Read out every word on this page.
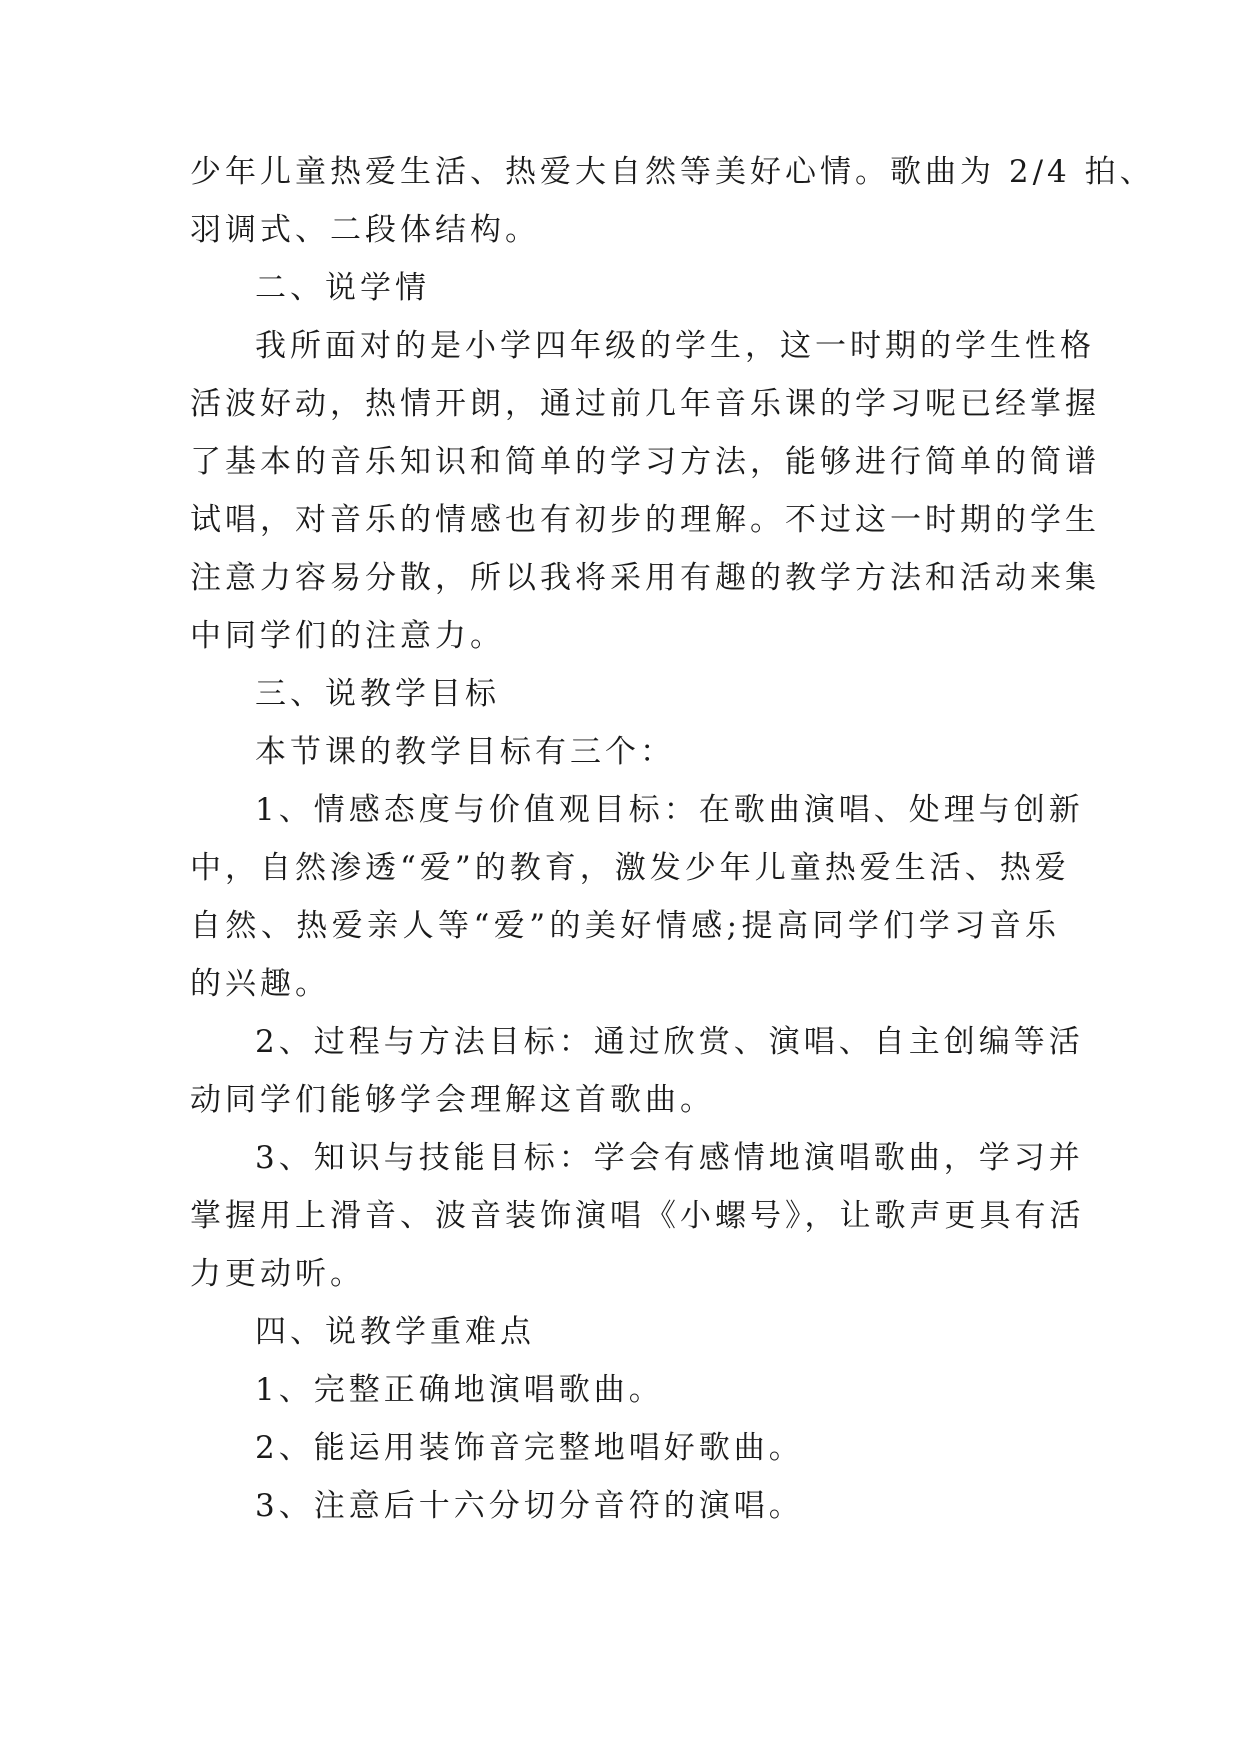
少年儿童热爱生活、热爱大自然等美好心情。歌曲为 2/4 拍、
羽调式、二段体结构。
二、说学情
我所面对的是小学四年级的学生，这一时期的学生性格
活波好动，热情开朗，通过前几年音乐课的学习呢已经掌握
了基本的音乐知识和简单的学习方法，能够进行简单的简谱
试唱，对音乐的情感也有初步的理解。不过这一时期的学生
注意力容易分散，所以我将采用有趣的教学方法和活动来集
中同学们的注意力。
三、说教学目标
本节课的教学目标有三个：
1、情感态度与价值观目标：在歌曲演唱、处理与创新
中，自然渗透“爱”的教育，激发少年儿童热爱生活、热爱
自然、热爱亲人等“爱”的美好情感;提高同学们学习音乐
的兴趣。
2、过程与方法目标：通过欣赏、演唱、自主创编等活
动同学们能够学会理解这首歌曲。
3、知识与技能目标：学会有感情地演唱歌曲，学习并
掌握用上滑音、波音装饰演唱《小螺号》，让歌声更具有活
力更动听。
四、说教学重难点
1、完整正确地演唱歌曲。
2、能运用装饰音完整地唱好歌曲。
3、注意后十六分切分音符的演唱。
